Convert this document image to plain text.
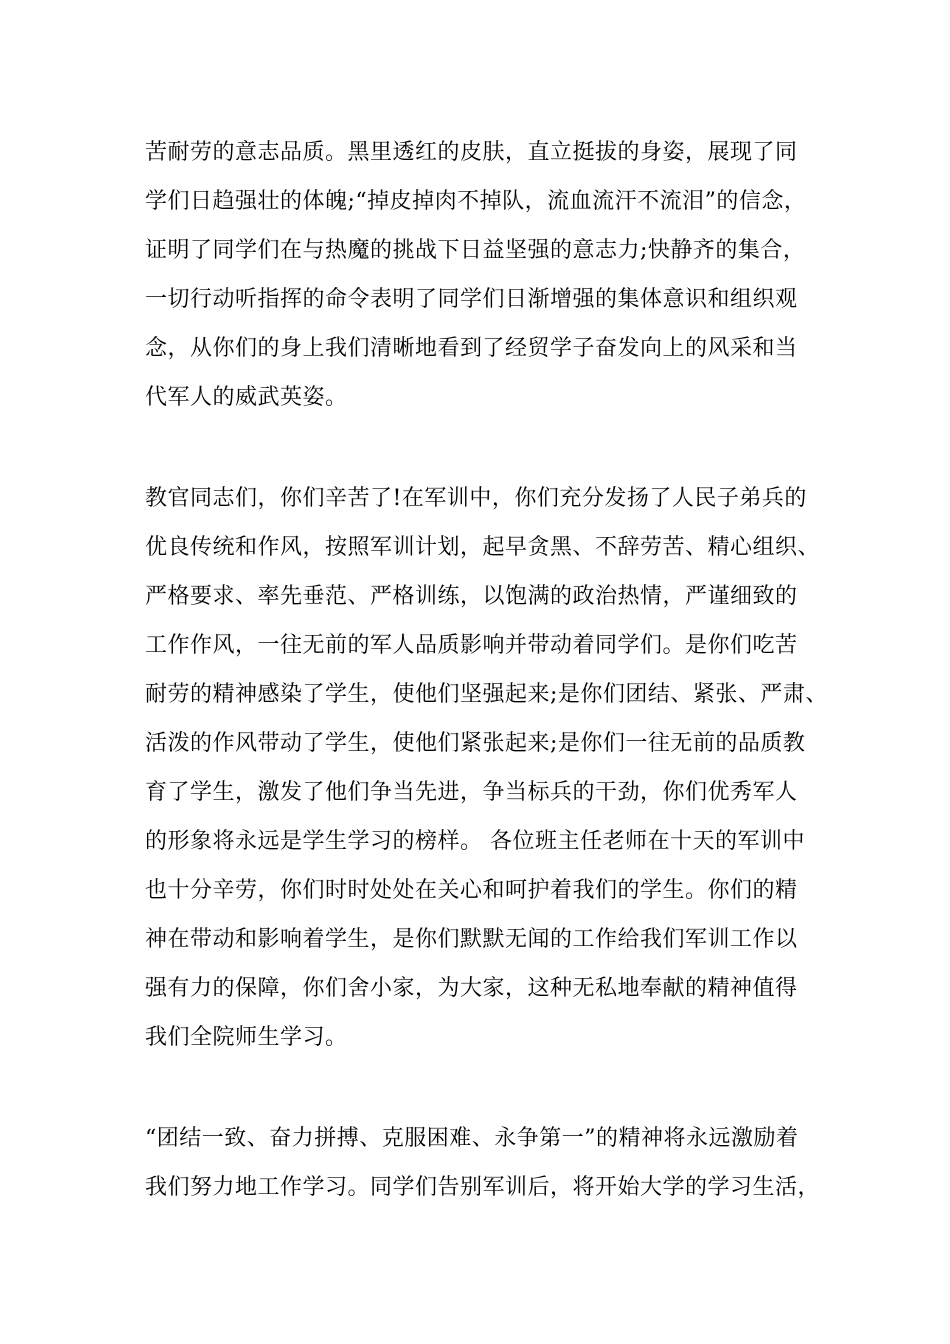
苦耐劳的意志品质。黑里透红的皮肤，直立挺拔的身姿，展现了同
学们日趋强壮的体魄;“掉皮掉肉不掉队，流血流汗不流泪”的信念，
证明了同学们在与热魔的挑战下日益坚强的意志力;快静齐的集合，
一切行动听指挥的命令表明了同学们日渐增强的集体意识和组织观
念，从你们的身上我们清晰地看到了经贸学子奋发向上的风采和当
代军人的威武英姿。
教官同志们，你们辛苦了!在军训中，你们充分发扬了人民子弟兵的
优良传统和作风，按照军训计划，起早贪黑、不辞劳苦、精心组织、
严格要求、率先垂范、严格训练，以饱满的政治热情，严谨细致的
工作作风，一往无前的军人品质影响并带动着同学们。是你们吃苦
耐劳的精神感染了学生，使他们坚强起来;是你们团结、紧张、严肃、
活泼的作风带动了学生，使他们紧张起来;是你们一往无前的品质教
育了学生，激发了他们争当先进，争当标兵的干劲，你们优秀军人
的形象将永远是学生学习的榜样。 各位班主任老师在十天的军训中
也十分辛劳，你们时时处处在关心和呵护着我们的学生。你们的精
神在带动和影响着学生，是你们默默无闻的工作给我们军训工作以
强有力的保障，你们舍小家，为大家，这种无私地奉献的精神值得
我们全院师生学习。
“团结一致、奋力拼搏、克服困难、永争第一”的精神将永远激励着
我们努力地工作学习。同学们告别军训后，将开始大学的学习生活，
